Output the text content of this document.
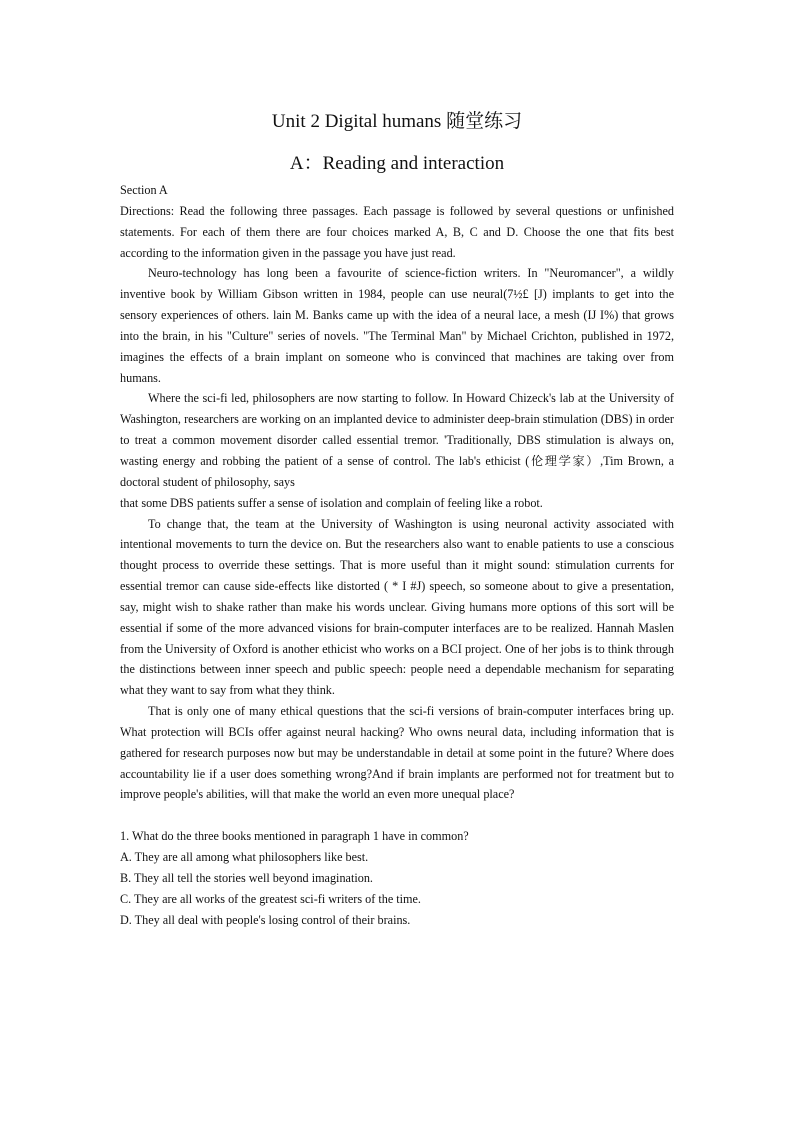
Unit 2 Digital humans 随堂练习
A：Reading and interaction

Section A

Directions: Read the following three passages. Each passage is followed by several questions or unfinished statements. For each of them there are four choices marked A, B, C and D. Choose the one that fits best according to the information given in the passage you have just read.

Neuro-technology has long been a favourite of science-fiction writers. In "Neuromancer", a wildly inventive book by William Gibson written in 1984, people can use neural(7½£ [J) implants to get into the sensory experiences of others. lain M. Banks came up with the idea of a neural lace, a mesh (IJ I%) that grows into the brain, in his "Culture" series of novels. "The Terminal Man" by Michael Crichton, published in 1972, imagines the effects of a brain implant on someone who is convinced that machines are taking over from humans.

Where the sci-fi led, philosophers are now starting to follow. In Howard Chizeck's lab at the University of Washington, researchers are working on an implanted device to administer deep-brain stimulation (DBS) in order to treat a common movement disorder called essential tremor. 'Traditionally, DBS stimulation is always on, wasting energy and robbing the patient of a sense of control. The lab's ethicist (伦理学家）,Tim Brown, a doctoral student of philosophy, says

that some DBS patients suffer a sense of isolation and complain of feeling like a robot.

To change that, the team at the University of Washington is using neuronal activity associated with intentional movements to turn the device on. But the researchers also want to enable patients to use a conscious thought process to override these settings. That is more useful than it might sound: stimulation currents for essential tremor can cause side-effects like distorted ( * I #J) speech, so someone about to give a presentation, say, might wish to shake rather than make his words unclear. Giving humans more options of this sort will be essential if some of the more advanced visions for brain-computer interfaces are to be realized. Hannah Maslen from the University of Oxford is another ethicist who works on a BCI project. One of her jobs is to think through the distinctions between inner speech and public speech: people need a dependable mechanism for separating what they want to say from what they think.

That is only one of many ethical questions that the sci-fi versions of brain-computer interfaces bring up. What protection will BCIs offer against neural hacking? Who owns neural data, including information that is gathered for research purposes now but may be understandable in detail at some point in the future? Where does accountability lie if a user does something wrong?And if brain implants are performed not for treatment but to improve people's abilities, will that make the world an even more unequal place?

1. What do the three books mentioned in paragraph 1 have in common?

A. They are all among what philosophers like best.

B. They all tell the stories well beyond imagination.

C. They are all works of the greatest sci-fi writers of the time.

D. They all deal with people's losing control of their brains.
